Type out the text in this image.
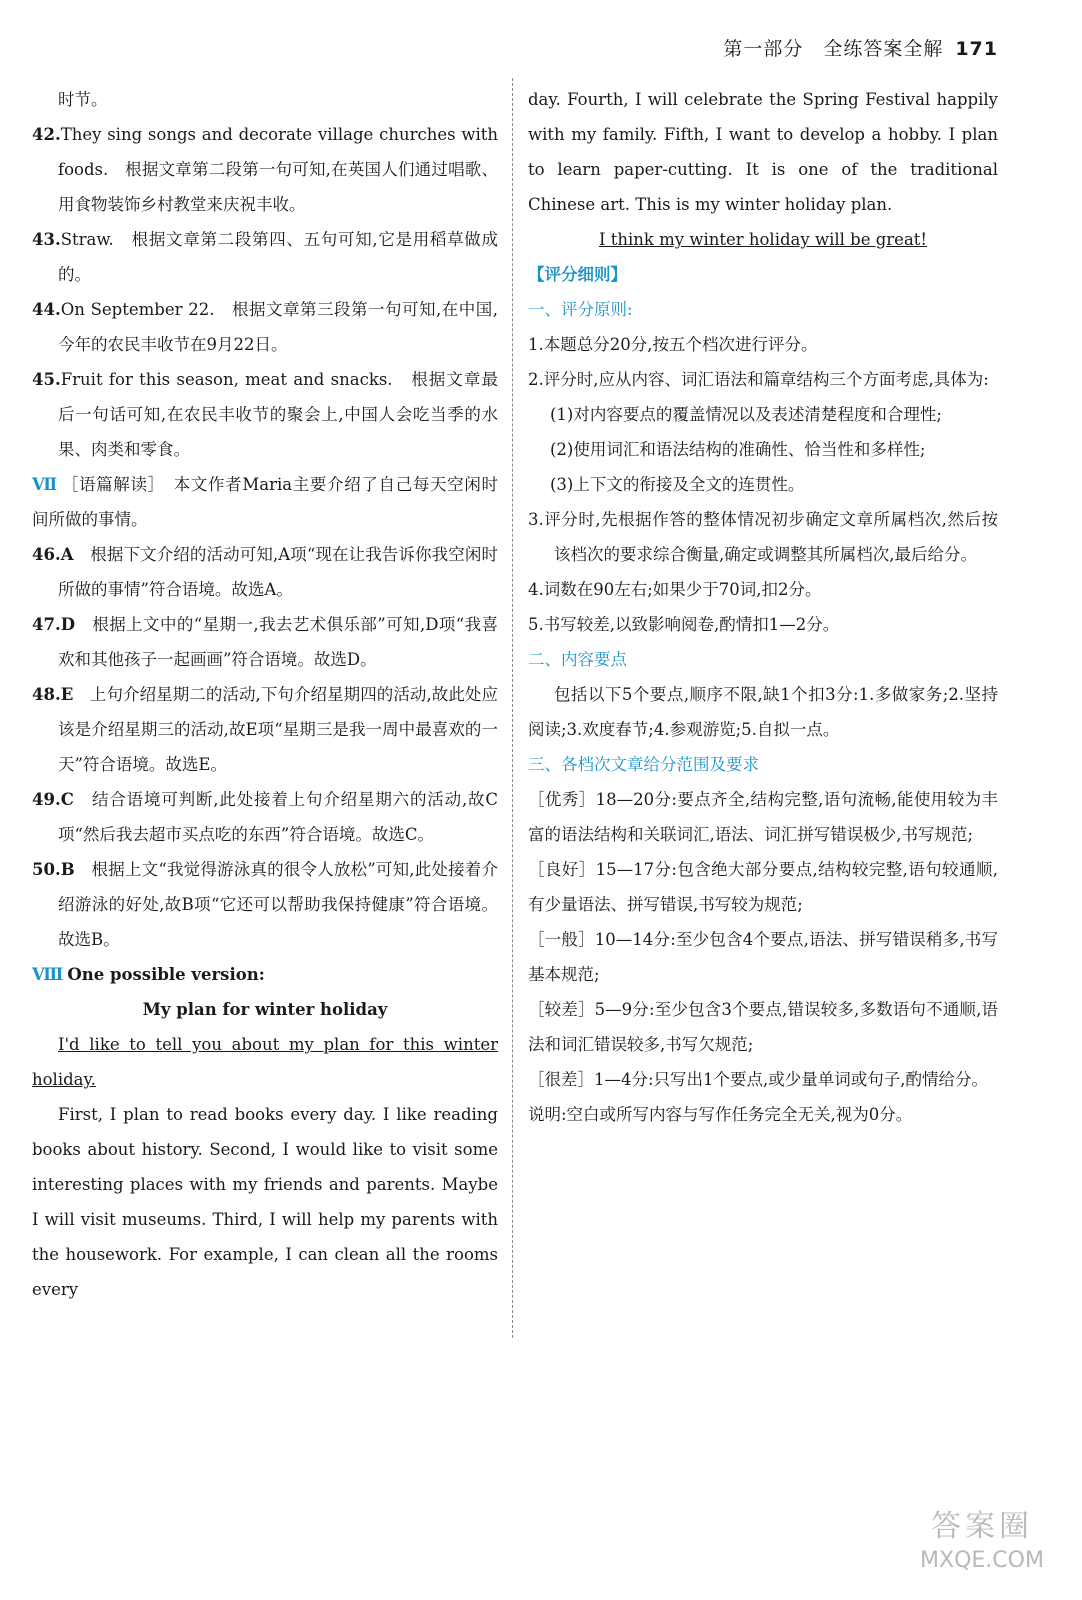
第一部分　全练答案全解 171

时节。

42.They sing songs and decorate village churches with foods.　根据文章第二段第一句可知,在英国人们通过唱歌、用食物装饰乡村教堂来庆祝丰收。

43.Straw.　根据文章第二段第四、五句可知,它是用稻草做成的。

44.On September 22.　根据文章第三段第一句可知,在中国,今年的农民丰收节在9月22日。

45.Fruit for this season, meat and snacks.　根据文章最后一句话可知,在农民丰收节的聚会上,中国人会吃当季的水果、肉类和零食。

Ⅶ ［语篇解读］　本文作者Maria主要介绍了自己每天空闲时间所做的事情。

46.A　根据下文介绍的活动可知,A项“现在让我告诉你我空闲时所做的事情”符合语境。故选A。

47.D　根据上文中的“星期一,我去艺术俱乐部”可知,D项“我喜欢和其他孩子一起画画”符合语境。故选D。

48.E　上句介绍星期二的活动,下句介绍星期四的活动,故此处应该是介绍星期三的活动,故E项“星期三是我一周中最喜欢的一天”符合语境。故选E。

49.C　结合语境可判断,此处接着上句介绍星期六的活动,故C项“然后我去超市买点吃的东西”符合语境。故选C。

50.B　根据上文“我觉得游泳真的很令人放松”可知,此处接着介绍游泳的好处,故B项“它还可以帮助我保持健康”符合语境。故选B。

Ⅷ One possible version:

My plan for winter holiday

I'd like to tell you about my plan for this winter holiday.

First, I plan to read books every day. I like reading books about history. Second, I would like to visit some interesting places with my friends and parents. Maybe I will visit museums. Third, I will help my parents with the housework. For example, I can clean all the rooms every

day. Fourth, I will celebrate the Spring Festival happily with my family. Fifth, I want to develop a hobby. I plan to learn paper-cutting. It is one of the traditional Chinese art. This is my winter holiday plan.

I think my winter holiday will be great!

【评分细则】

一、评分原则:

1.本题总分20分,按五个档次进行评分。

2.评分时,应从内容、词汇语法和篇章结构三个方面考虑,具体为:

(1)对内容要点的覆盖情况以及表述清楚程度和合理性;

(2)使用词汇和语法结构的准确性、恰当性和多样性;

(3)上下文的衔接及全文的连贯性。

3.评分时,先根据作答的整体情况初步确定文章所属档次,然后按该档次的要求综合衡量,确定或调整其所属档次,最后给分。

4.词数在90左右;如果少于70词,扣2分。

5.书写较差,以致影响阅卷,酌情扣1—2分。

二、内容要点

包括以下5个要点,顺序不限,缺1个扣3分:1.多做家务;2.坚持阅读;3.欢度春节;4.参观游览;5.自拟一点。

三、各档次文章给分范围及要求

［优秀］18—20分:要点齐全,结构完整,语句流畅,能使用较为丰富的语法结构和关联词汇,语法、词汇拼写错误极少,书写规范;

［良好］15—17分:包含绝大部分要点,结构较完整,语句较通顺,有少量语法、拼写错误,书写较为规范;

［一般］10—14分:至少包含4个要点,语法、拼写错误稍多,书写基本规范;

［较差］5—9分:至少包含3个要点,错误较多,多数语句不通顺,语法和词汇错误较多,书写欠规范;

［很差］1—4分:只写出1个要点,或少量单词或句子,酌情给分。

说明:空白或所写内容与写作任务完全无关,视为0分。

答案圈
MXQE.COM
